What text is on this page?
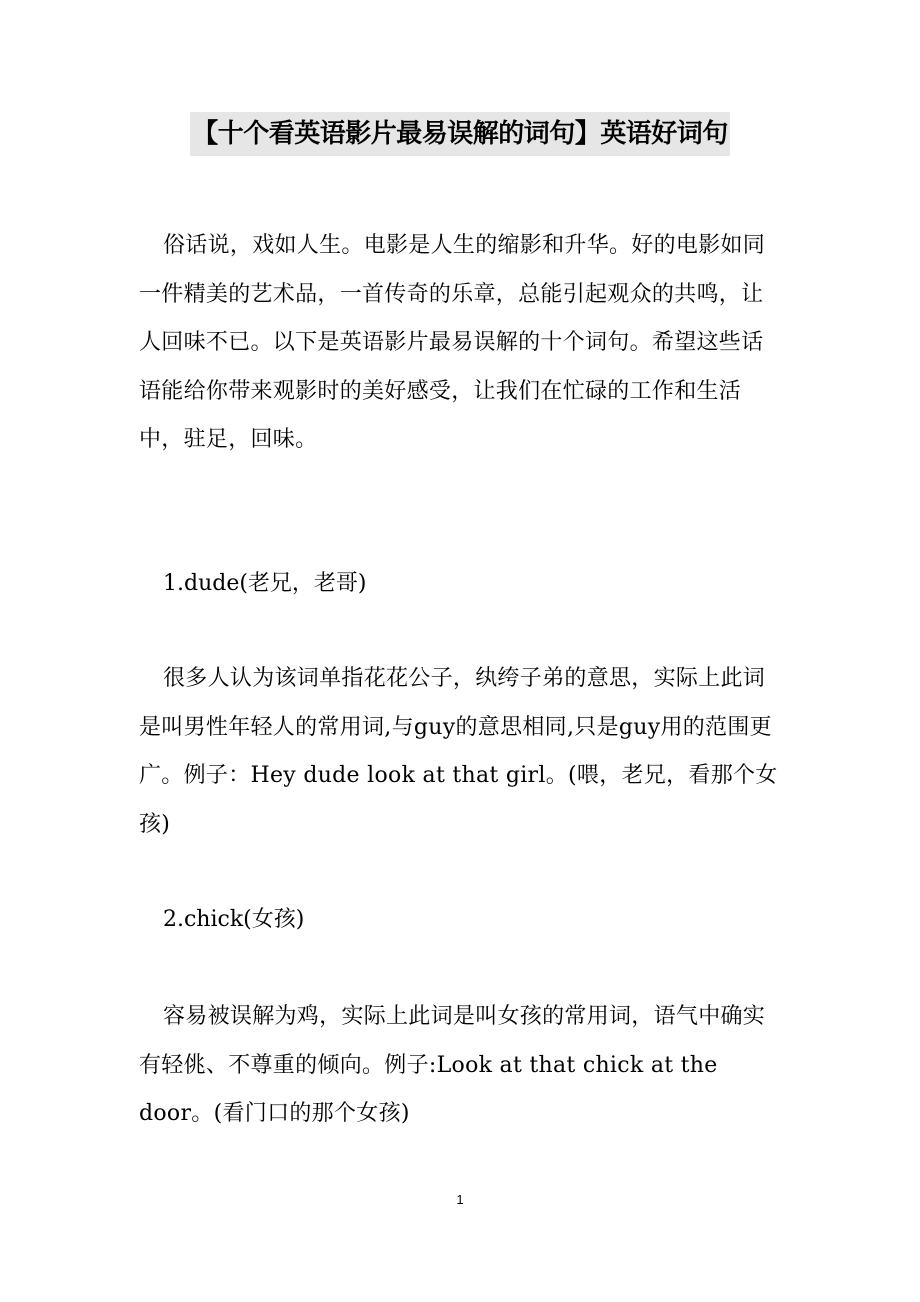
【十个看英语影片最易误解的词句】英语好词句

俗话说，戏如人生。电影是人生的缩影和升华。好的电影如同一件精美的艺术品，一首传奇的乐章，总能引起观众的共鸣，让人回味不已。以下是英语影片最易误解的十个词句。希望这些话语能给你带来观影时的美好感受，让我们在忙碌的工作和生活中，驻足，回味。

1.dude(老兄，老哥)

很多人认为该词单指花花公子，纨绔子弟的意思，实际上此词是叫男性年轻人的常用词,与guy的意思相同,只是guy用的范围更广。例子：Hey dude look at that girl。(喂，老兄，看那个女孩)

2.chick(女孩)

容易被误解为鸡，实际上此词是叫女孩的常用词，语气中确实有轻佻、不尊重的倾向。例子:Look at that chick at the door。(看门口的那个女孩)

1
